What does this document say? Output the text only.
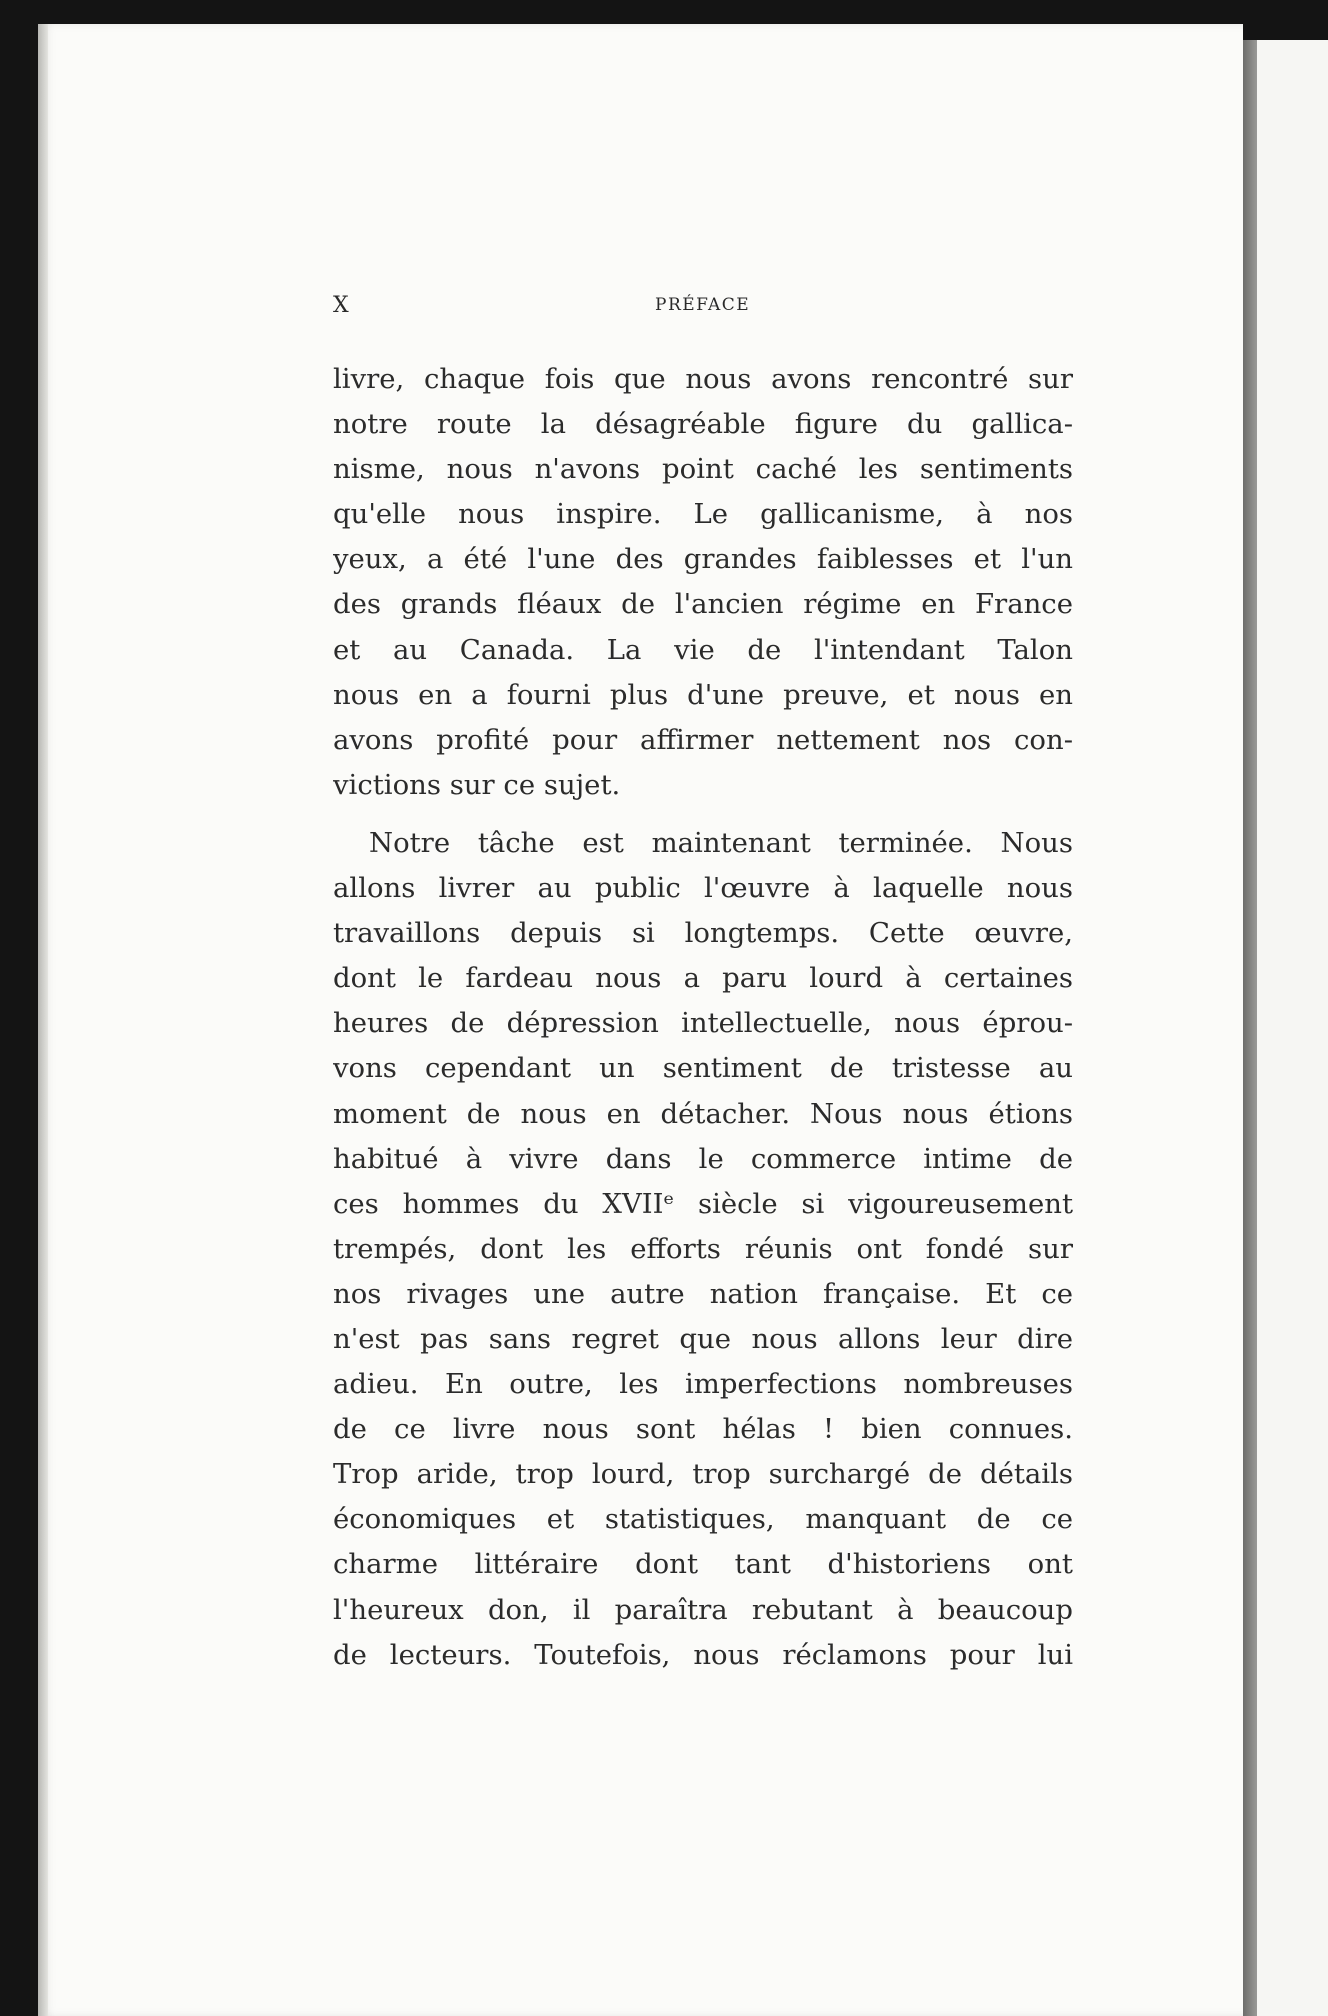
X	PRÉFACE
livre, chaque fois que nous avons rencontré sur
notre route la désagréable figure du gallica-
nisme, nous n'avons point caché les sentiments
qu'elle nous inspire. Le gallicanisme, à nos
yeux, a été l'une des grandes faiblesses et l'un
des grands fléaux de l'ancien régime en France
et au Canada. La vie de l'intendant Talon
nous en a fourni plus d'une preuve, et nous en
avons profité pour affirmer nettement nos con-
victions sur ce sujet.
Notre tâche est maintenant terminée. Nous
allons livrer au public l'œuvre à laquelle nous
travaillons depuis si longtemps. Cette œuvre,
dont le fardeau nous a paru lourd à certaines
heures de dépression intellectuelle, nous éprou-
vons cependant un sentiment de tristesse au
moment de nous en détacher. Nous nous étions
habitué à vivre dans le commerce intime de
ces hommes du XVIIᵉ siècle si vigoureusement
trempés, dont les efforts réunis ont fondé sur
nos rivages une autre nation française. Et ce
n'est pas sans regret que nous allons leur dire
adieu. En outre, les imperfections nombreuses
de ce livre nous sont hélas ! bien connues.
Trop aride, trop lourd, trop surchargé de détails
économiques et statistiques, manquant de ce
charme littéraire dont tant d'historiens ont
l'heureux don, il paraîtra rebutant à beaucoup
de lecteurs. Toutefois, nous réclamons pour lui
